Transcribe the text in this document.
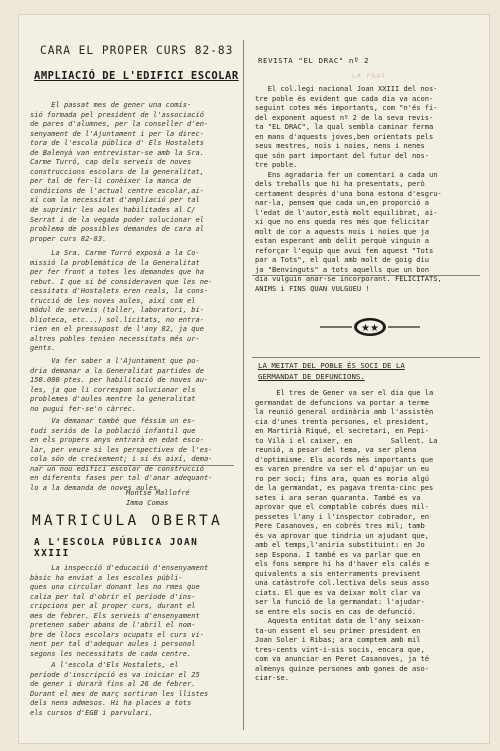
CARA EL PROPER CURS 82-83
AMPLIACIÓ DE L'EDIFICI ESCOLAR
El passat mes de gener una comis-
sió formada pel president de l'associació
de pares d'alumnes, per la conseller d'en-
senyament de l'Ajuntament i per la direc-
tora de l'escola pública d' Els Hostalets
de Balenyà van entrevistar-se amb la Sra.
Carme Turró, cap dels serveis de noves
construccions escolars de la generalitat,
per tal de fer-li conèixer la manca de
condicions de l'actual centre escolar,ai-
xí com la necessitat d'ampliació per tal
de suprimir les aules habilitades al C/
Serrat i de la vegada poder solucionar el
problema de possibles demandes de cara al
proper curs 82-83.
La Sra. Carme Turró exposà a la Co-
missió la problemàtica de la Generalitat
per fer front a totes les demandes que ha
rebut. I que si bé consideraven que les ne-
cessitats d'Hostalets eren reals, la cons-
trucció de les noves aules, així com el
mòdul de serveis (taller, laboratori, bi-
blioteca, etc...) sol.licitats, no entra-
rien en el pressupost de l'any 82, ja que
altres pobles tenien necessitats més ur-
gents.
Va fer saber a l'Ajuntament que po-
dria demanar a la Generalitat partides de
150.000 ptes. per habilitació de noves au-
les, ja que li correspon solucionar els
problemes d'aules mentre la generalitat
no pugui fer-se'n càrrec.
Va demanar també que féssim un es-
tudi seriós de la població infantil que
en els propers anys entrarà en edat esco-
lar, per veure si les perspectives de l'es-
cola són de creixement; i si és així, dema-
nar un nou edifici escolar de construcció
en diferents fases per tal d'anar adequant-
lo a la demanda de noves aules.
Montse Mallofré
Imma Comas
MATRICULA OBERTA
A L'ESCOLA PÚBLICA JOAN XXIII
La inspecció d'educació d'ensenyament
bàsic ha enviat a les escoles públi-
ques una circular donant les no rmes que
calia per tal d'obrir el període d'ins-
cripcions per al proper curs, durant el
mes de febrer. Els serveis d'ensenyament
pretenen saber abans de l'abril el nom-
bre de llocs escolars ocupats el curs vi-
nent per tal d'adequar aules i personal
segons les necessitats de cada centre.
A l'escola d'Els Hostalets, el
període d'inscripció es va iniciar el 25
de gener i durarà fins al 26 de febrer.
Durant el mes de març sortiran les llistes
dels nens admesos. Hi ha places a tots
els cursos d'EGB i parvulari.
REVISTA "EL DRAC" nº 2
LA PRAT
El col.legi nacional Joan XXIII del nos-
tre poble és evident que cada dia va acon-
seguint cotes més importants, com "n'és fi-
del exponent aquest nº 2 de la seva revis-
ta "EL DRAC", la qual sembla caminar ferma
en mans d'aquests joves,ben orientats pels
seus mestres, nois i noies, nens i nenes
que són part important del futur del nos-
tre poble.
Ens agradaria fer un comentari a cada un
dels treballs que hi ha presentats, però
certament desprès d'una bona estona d'esgru-
nar-la, pensem que cada un,en proporció a
l'edat de l'autor,està molt equilibrat, ai-
xí que no ens queda res més que felicitar
molt de cor a aquests nois i noies que ja
estan esperant amb delit perquè vinguin a
reforçar l'equip que avui fem aquest "Tots
par a Tots", el qual amb molt de goig diu
ja "Benvinguts" a tots aquells que un bon
dia vulguin anar-se incorporant. FELICITATS,
ANIMS i FINS QUAN VULGUEU !
★★
LA MEITAT DEL POBLE ÉS SOCI DE LA
GERMANDAT DE DEFUNCIONS.
El tres de Gener va ser el dia que la
germandat de defuncions va portar a terme
la reunió general ordinària amb l'assistèn
cia d'unes trenta persones, el president,
en Martirià Riqué, el secretari, en Pepi-
to Vilà i el caixer, en         Sallent. La
reunió, a pesar del tema, va ser plena
d'optimisme. Els acords més importants que
es varen prendre va ser el d'apujar un eu
ro per soci; fins ara, quan es moria algú
de la germandat, es pagava trenta-cinc pes
setes i ara seran quaranta. També es va
aprovar que el comptable cobrés dues mil-
pessetes l'any i l'inspector cobrador, en
Pere Casanoves, en cobrés tres mil; tamb
és va aprovar que tindria un ajudant que,
amb el temps,l'aniria substituint: en Jo
sep Espona. I també es va parlar que en
els fons sempre hi ha d'haver els calés e
quivalents a sis enterraments previsent
una catàstrofe col.lectiva dels seus asso
ciats. El que es va deixar molt clar va
ser la funció de la germandat: l'ajudar-
se entre els socis en cas de defunció.
Aquesta entitat data de l'any seixan-
ta-un essent el seu primer president en
Joan Soler i Ribas; ara comptem amb mil
tres-cents vint-i-sis socis, encara que,
com va anunciar en Peret Casanoves, ja té
almenys quinze persones amb ganes de aso-
ciar-se.
